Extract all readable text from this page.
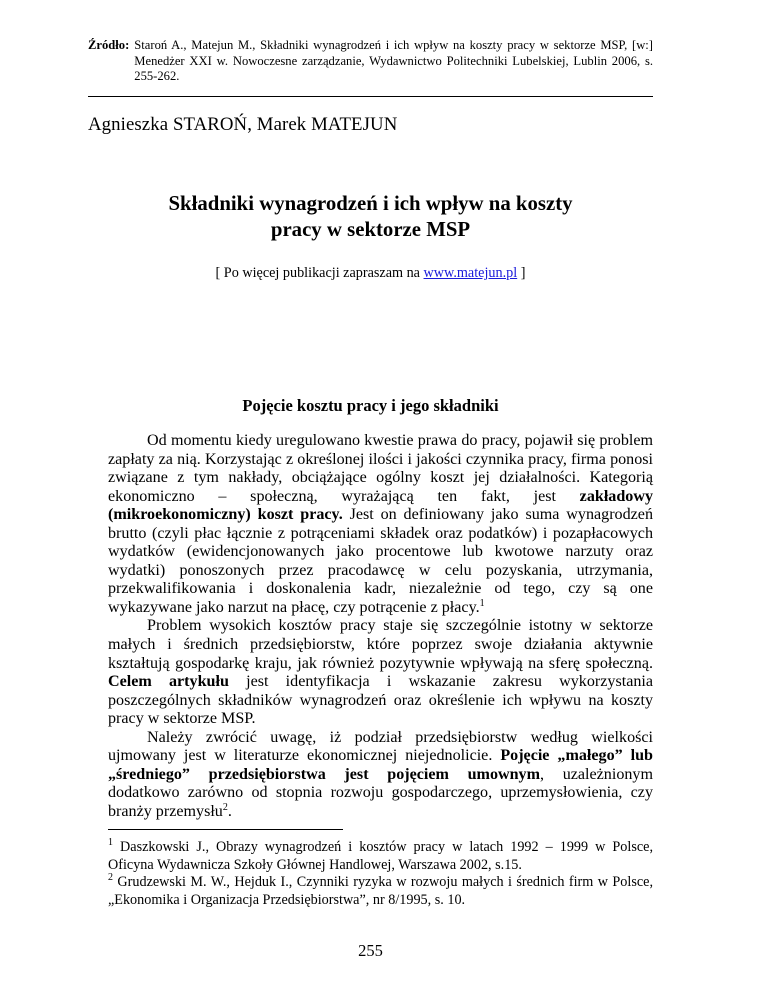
Źródło: Staroń A., Matejun M., Składniki wynagrodzeń i ich wpływ na koszty pracy w sektorze MSP, [w:] Menedżer XXI w. Nowoczesne zarządzanie, Wydawnictwo Politechniki Lubelskiej, Lublin 2006, s. 255-262.
Agnieszka STAROŃ, Marek MATEJUN
Składniki wynagrodzeń i ich wpływ na koszty
pracy w sektorze MSP
[ Po więcej publikacji zapraszam na www.matejun.pl ]
Pojęcie kosztu pracy i jego składniki

Od momentu kiedy uregulowano kwestie prawa do pracy, pojawił się problem zapłaty za nią. Korzystając z określonej ilości i jakości czynnika pracy, firma ponosi związane z tym nakłady, obciążające ogólny koszt jej działalności. Kategorią ekonomiczno – społeczną, wyrażającą ten fakt, jest zakładowy (mikroekonomiczny) koszt pracy. Jest on definiowany jako suma wynagrodzeń brutto (czyli płac łącznie z potrąceniami składek oraz podatków) i pozapłacowych wydatków (ewidencjonowanych jako procentowe lub kwotowe narzuty oraz wydatki) ponoszonych przez pracodawcę w celu pozyskania, utrzymania, przekwalifikowania i doskonalenia kadr, niezależnie od tego, czy są one wykazywane jako narzut na płacę, czy potrącenie z płacy.$^1$

Problem wysokich kosztów pracy staje się szczególnie istotny w sektorze małych i średnich przedsiębiorstw, które poprzez swoje działania aktywnie kształtują gospodarkę kraju, jak również pozytywnie wpływają na sferę społeczną. Celem artykułu jest identyfikacja i wskazanie zakresu wykorzystania poszczególnych składników wynagrodzeń oraz określenie ich wpływu na koszty pracy w sektorze MSP.

Należy zwrócić uwagę, iż podział przedsiębiorstw według wielkości ujmowany jest w literaturze ekonomicznej niejednolicie. Pojęcie „małego” lub „średniego” przedsiębiorstwa jest pojęciem umownym, uzależnionym dodatkowo zarówno od stopnia rozwoju gospodarczego, uprzemysłowienia, czy branży przemysłu$^2$.

$^1$ Daszkowski J., Obrazy wynagrodzeń i kosztów pracy w latach 1992 – 1999 w Polsce, Oficyna Wydawnicza Szkoły Głównej Handlowej, Warszawa 2002, s.15.

$^2$ Grudzewski M. W., Hejduk I., Czynniki ryzyka w rozwoju małych i średnich firm w Polsce, „Ekonomika i Organizacja Przedsiębiorstwa”, nr 8/1995, s. 10.

255
